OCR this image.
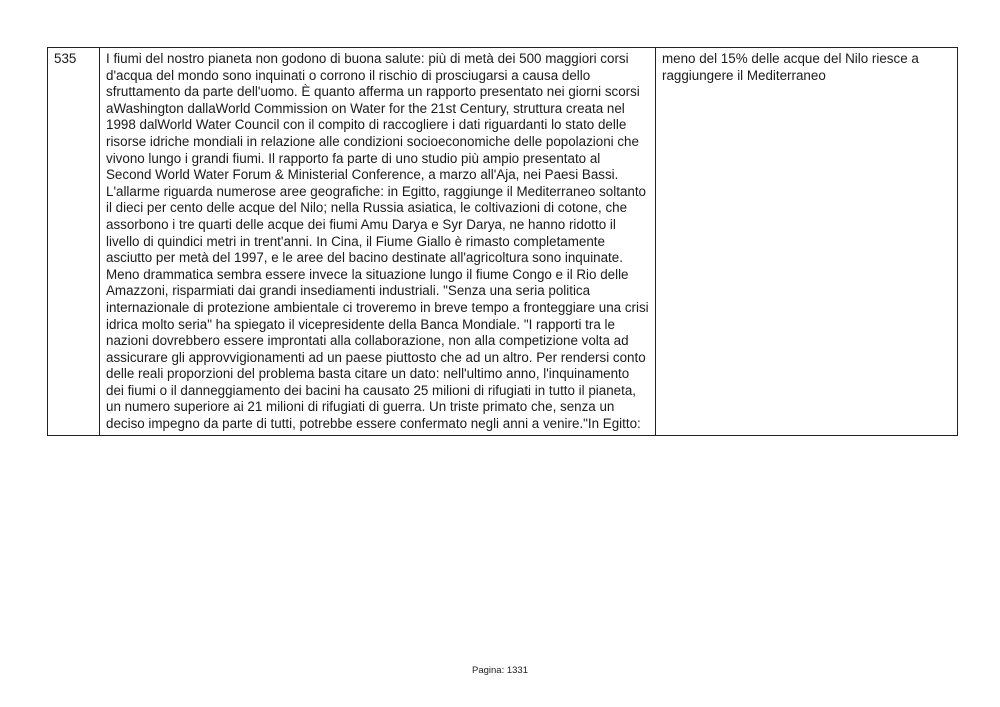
535	I fiumi del nostro pianeta non godono di buona salute: più di metà dei 500 maggiori corsi d'acqua del mondo sono inquinati o corrono il rischio di prosciugarsi a causa dello sfruttamento da parte dell'uomo. È quanto afferma un rapporto presentato nei giorni scorsi aWashington dallaWorld Commission on Water for the 21st Century, struttura creata nel 1998 dalWorld Water Council con il compito di raccogliere i dati riguardanti lo stato delle risorse idriche mondiali in relazione alle condizioni socioeconomiche delle popolazioni che vivono lungo i grandi fiumi. Il rapporto fa parte di uno studio più ampio presentato al Second World Water Forum & Ministerial Conference, a marzo all'Aja, nei Paesi Bassi. L'allarme riguarda numerose aree geografiche: in Egitto, raggiunge il Mediterraneo soltanto il dieci per cento delle acque del Nilo; nella Russia asiatica, le coltivazioni di cotone, che assorbono i tre quarti delle acque dei fiumi Amu Darya e Syr Darya, ne hanno ridotto il livello di quindici metri in trent'anni. In Cina, il Fiume Giallo è rimasto completamente asciutto per metà del 1997, e le aree del bacino destinate all'agricoltura sono inquinate. Meno drammatica sembra essere invece la situazione lungo il fiume Congo e il Rio delle Amazzoni, risparmiati dai grandi insediamenti industriali. "Senza una seria politica internazionale di protezione ambientale ci troveremo in breve tempo a fronteggiare una crisi idrica molto seria" ha spiegato il vicepresidente della Banca Mondiale. "I rapporti tra le nazioni dovrebbero essere improntati alla collaborazione, non alla competizione volta ad assicurare gli approvvigionamenti ad un paese piuttosto che ad un altro. Per rendersi conto delle reali proporzioni del problema basta citare un dato: nell'ultimo anno, l'inquinamento dei fiumi o il danneggiamento dei bacini ha causato 25 milioni di rifugiati in tutto il pianeta, un numero superiore ai 21 milioni di rifugiati di guerra. Un triste primato che, senza un deciso impegno da parte di tutti, potrebbe essere confermato negli anni a venire."In Egitto:	meno del 15% delle acque del Nilo riesce a raggiungere il Mediterraneo
Pagina: 1331
